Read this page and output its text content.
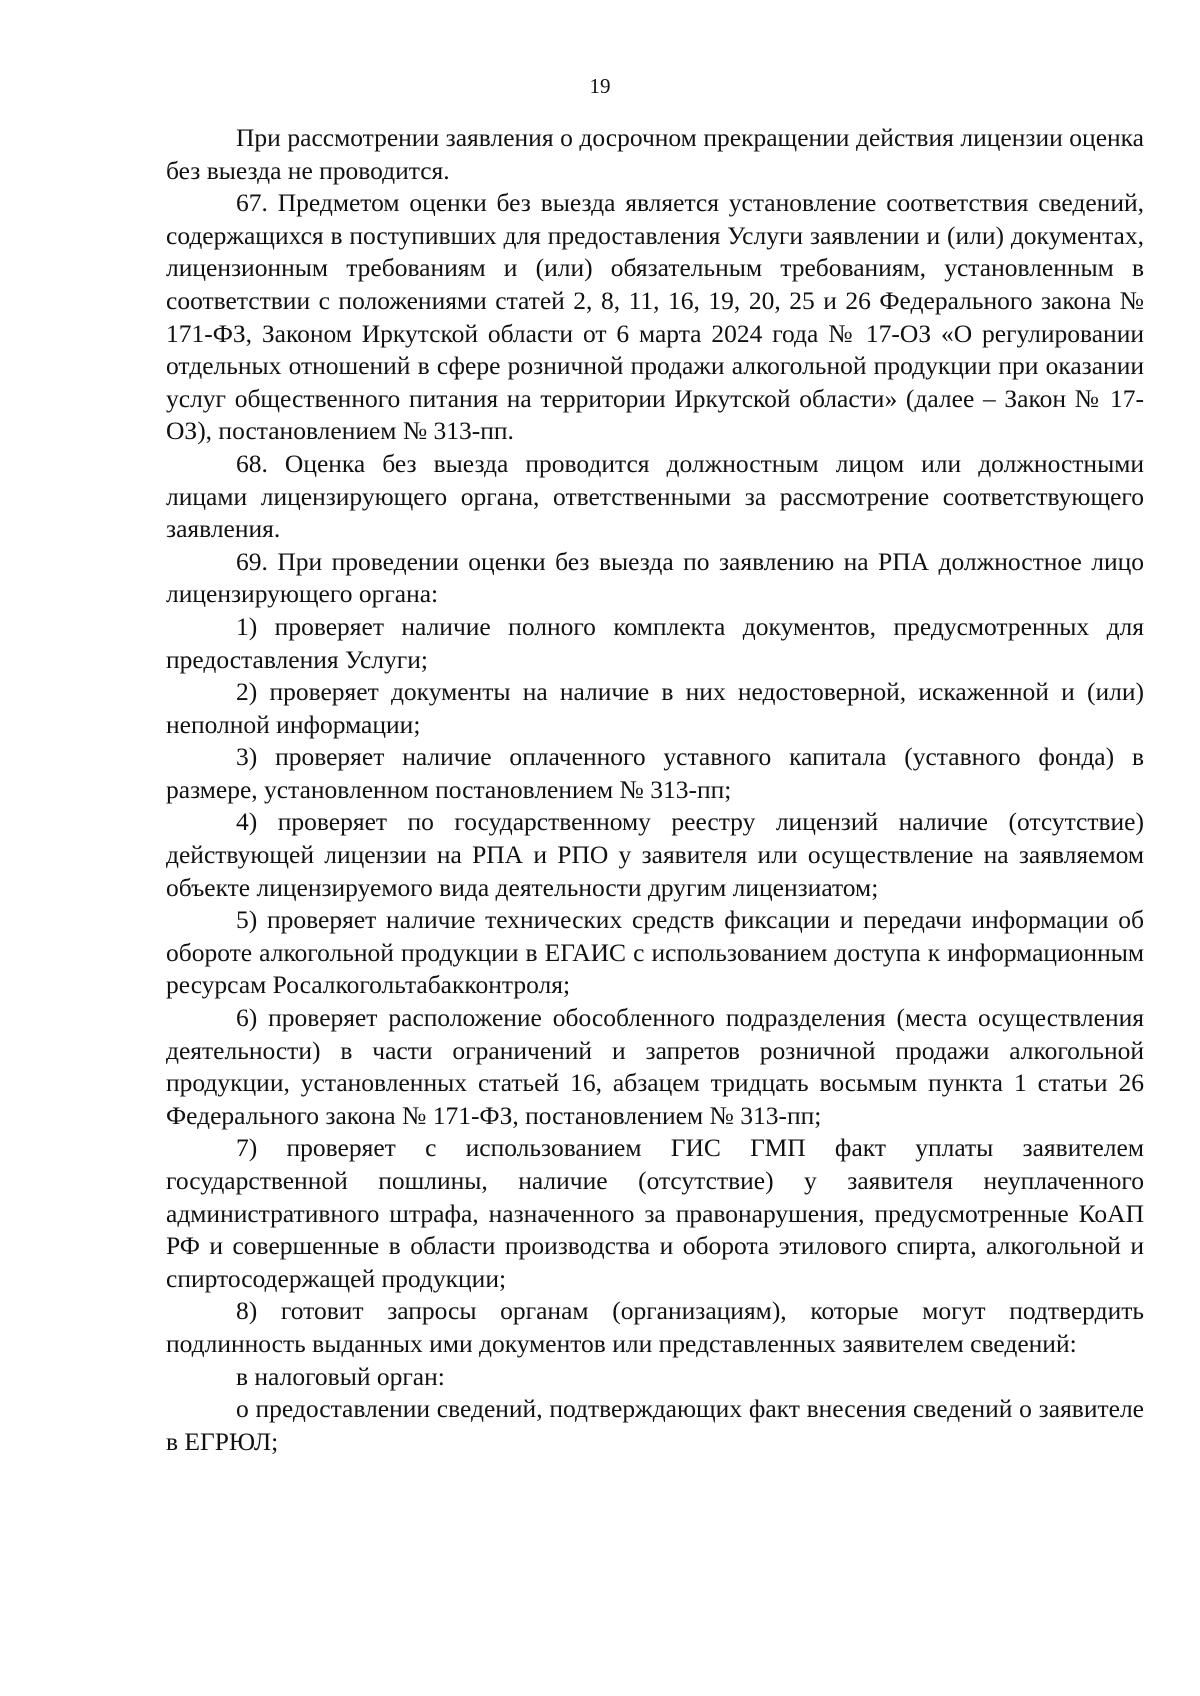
19

При рассмотрении заявления о досрочном прекращении действия лицензии оценка без выезда не проводится.

67. Предметом оценки без выезда является установление соответствия сведений, содержащихся в поступивших для предоставления Услуги заявлении и (или) документах, лицензионным требованиям и (или) обязательным требованиям, установленным в соответствии с положениями статей 2, 8, 11, 16, 19, 20, 25 и 26 Федерального закона № 171-ФЗ, Законом Иркутской области от 6 марта 2024 года № 17-ОЗ «О регулировании отдельных отношений в сфере розничной продажи алкогольной продукции при оказании услуг общественного питания на территории Иркутской области» (далее – Закон № 17-ОЗ), постановлением № 313-пп.

68. Оценка без выезда проводится должностным лицом или должностными лицами лицензирующего органа, ответственными за рассмотрение соответствующего заявления.

69. При проведении оценки без выезда по заявлению на РПА должностное лицо лицензирующего органа:

1) проверяет наличие полного комплекта документов, предусмотренных для предоставления Услуги;

2) проверяет документы на наличие в них недостоверной, искаженной и (или) неполной информации;

3) проверяет наличие оплаченного уставного капитала (уставного фонда) в размере, установленном постановлением № 313-пп;

4) проверяет по государственному реестру лицензий наличие (отсутствие) действующей лицензии на РПА и РПО у заявителя или осуществление на заявляемом объекте лицензируемого вида деятельности другим лицензиатом;

5) проверяет наличие технических средств фиксации и передачи информации об обороте алкогольной продукции в ЕГАИС с использованием доступа к информационным ресурсам Росалкогольтабакконтроля;

6) проверяет расположение обособленного подразделения (места осуществления деятельности) в части ограничений и запретов розничной продажи алкогольной продукции, установленных статьей 16, абзацем тридцать восьмым пункта 1 статьи 26 Федерального закона № 171-ФЗ, постановлением № 313-пп;

7) проверяет с использованием ГИС ГМП факт уплаты заявителем государственной пошлины, наличие (отсутствие) у заявителя неуплаченного административного штрафа, назначенного за правонарушения, предусмотренные КоАП РФ и совершенные в области производства и оборота этилового спирта, алкогольной и спиртосодержащей продукции;

8) готовит запросы органам (организациям), которые могут подтвердить подлинность выданных ими документов или представленных заявителем сведений:

в налоговый орган:

о предоставлении сведений, подтверждающих факт внесения сведений о заявителе в ЕГРЮЛ;
